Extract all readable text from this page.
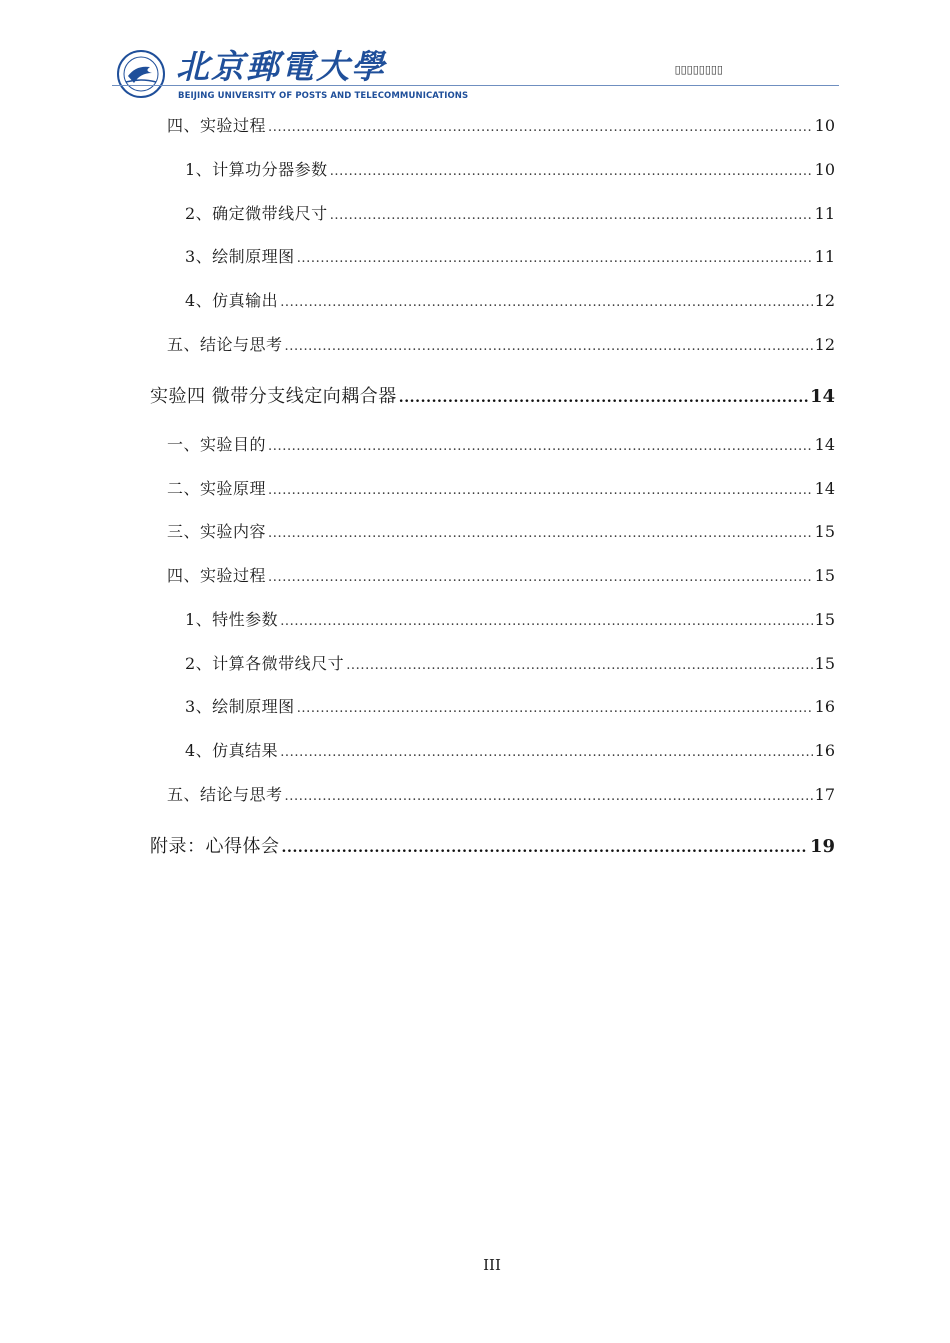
北京郵電大學
BEIJING UNIVERSITY OF POSTS AND TELECOMMUNICATIONS
▯▯▯▯▯▯▯▯
四、实验过程 .....	10
1、计算功分器参数 .....	10
2、确定微带线尺寸 .....	11
3、绘制原理图 .....	11
4、仿真输出 .....	12
五、结论与思考 .....	12
实验四 微带分支线定向耦合器 .....	14
一、实验目的 .....	14
二、实验原理 .....	14
三、实验内容 .....	15
四、实验过程 .....	15
1、特性参数 .....	15
2、计算各微带线尺寸 .....	15
3、绘制原理图 .....	16
4、仿真结果 .....	16
五、结论与思考 .....	17
附录：心得体会 .....	19
III
